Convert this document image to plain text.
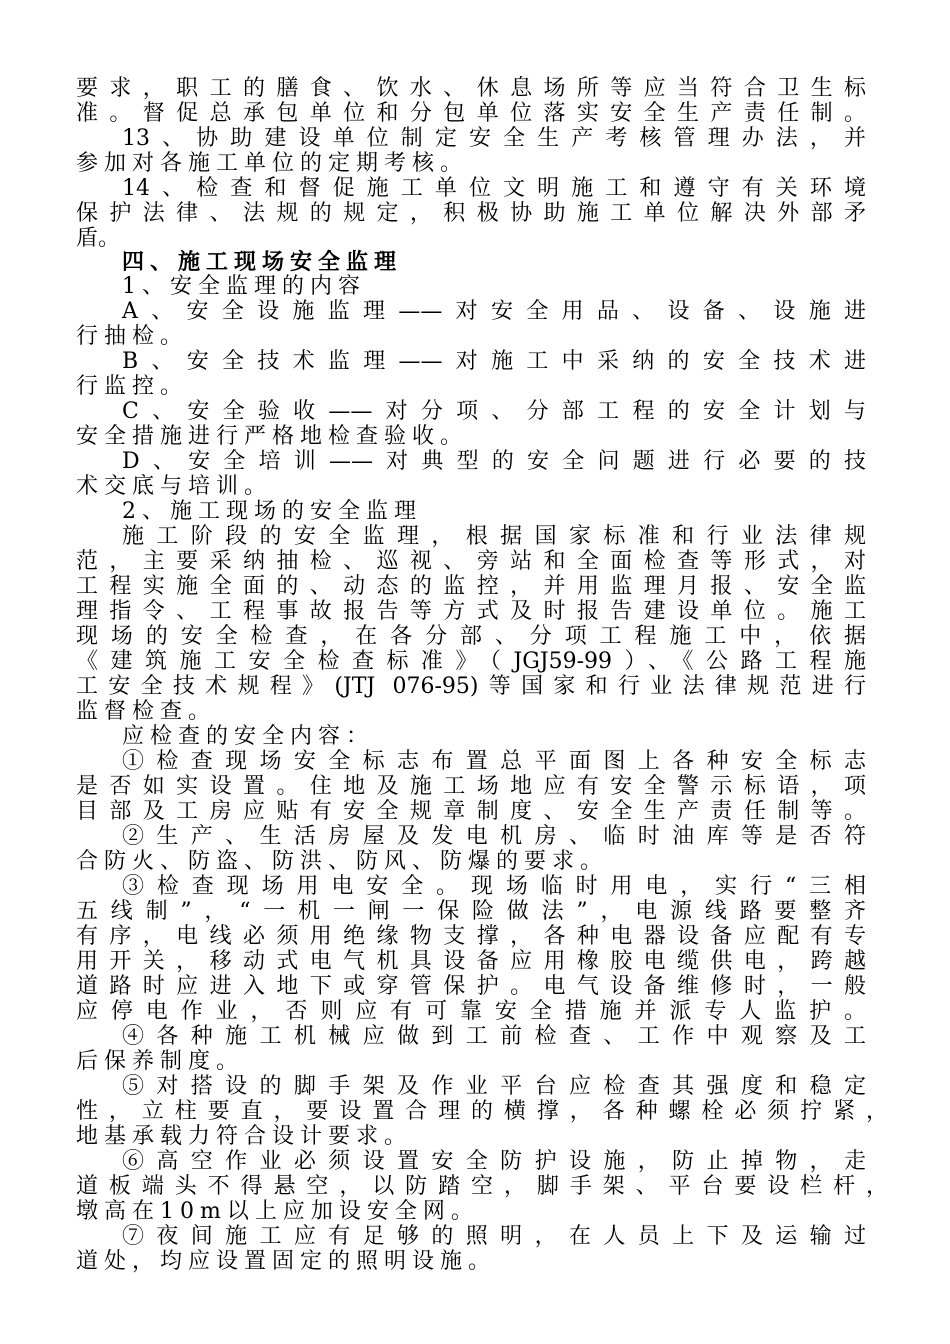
要求，职工的膳食、饮水、休息场所等应当符合卫生标
准。督促总承包单位和分包单位落实安全生产责任制。
13、协助建设单位制定安全生产考核管理办法，并
参加对各施工单位的定期考核。
14、检查和督促施工单位文明施工和遵守有关环境
保护法律、法规的规定，积极协助施工单位解决外部矛
盾。
四、施工现场安全监理
1、安全监理的内容
A、安全设施监理——对安全用品、设备、设施进
行抽检。
B、安全技术监理——对施工中采纳的安全技术进
行监控。
C、安全验收——对分项、分部工程的安全计划与
安全措施进行严格地检查验收。
D、安全培训——对典型的安全问题进行必要的技
术交底与培训。
2、施工现场的安全监理
施工阶段的安全监理，根据国家标准和行业法律规
范，主要采纳抽检、巡视、旁站和全面检查等形式，对
工程实施全面的、动态的监控，并用监理月报、安全监
理指令、工程事故报告等方式及时报告建设单位。施工
现场的安全检查，在各分部、分项工程施工中，依据
《建筑施工安全检查标准》（JGJ59-99）、《公路工程施
工安全技术规程》(JTJ 076-95)等国家和行业法律规范进行
监督检查。
应检查的安全内容：
①检查现场安全标志布置总平面图上各种安全标志
是否如实设置。住地及施工场地应有安全警示标语，项
目部及工房应贴有安全规章制度、安全生产责任制等。
②生产、生活房屋及发电机房、临时油库等是否符
合防火、防盗、防洪、防风、防爆的要求。
③检查现场用电安全。现场临时用电，实行“三相
五线制”，“一机一闸一保险做法”，电源线路要整齐
有序，电线必须用绝缘物支撑，各种电器设备应配有专
用开关，移动式电气机具设备应用橡胶电缆供电，跨越
道路时应进入地下或穿管保护。电气设备维修时，一般
应停电作业，否则应有可靠安全措施并派专人监护。
④各种施工机械应做到工前检查、工作中观察及工
后保养制度。
⑤对搭设的脚手架及作业平台应检查其强度和稳定
性，立柱要直，要设置合理的横撑，各种螺栓必须拧紧，
地基承载力符合设计要求。
⑥高空作业必须设置安全防护设施，防止掉物，走
道板端头不得悬空，以防踏空，脚手架、平台要设栏杆，
墩高在10m以上应加设安全网。
⑦夜间施工应有足够的照明，在人员上下及运输过
道处，均应设置固定的照明设施。
